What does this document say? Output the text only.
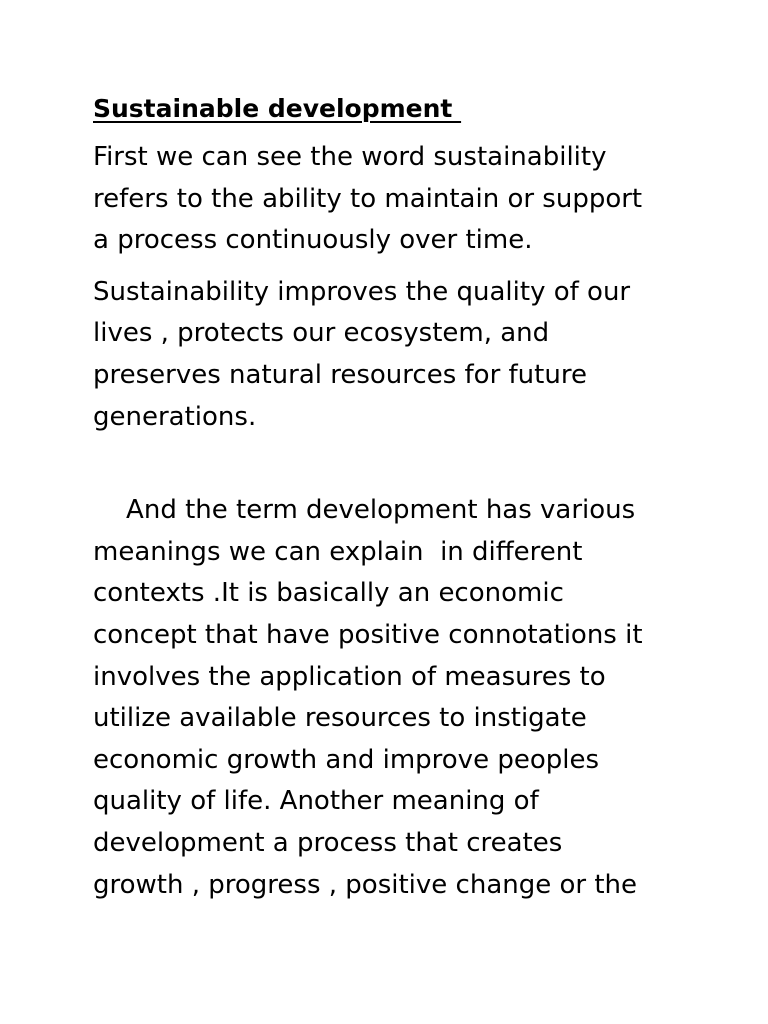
Sustainable development

First we can see the word sustainability
refers to the ability to maintain or support
a process continuously over time.

Sustainability improves the quality of our
lives , protects our ecosystem, and
preserves natural resources for future
generations.

And the term development has various
meanings we can explain  in different
contexts .It is basically an economic
concept that have positive connotations it
involves the application of measures to
utilize available resources to instigate
economic growth and improve peoples
quality of life. Another meaning of
development a process that creates
growth , progress , positive change or the
